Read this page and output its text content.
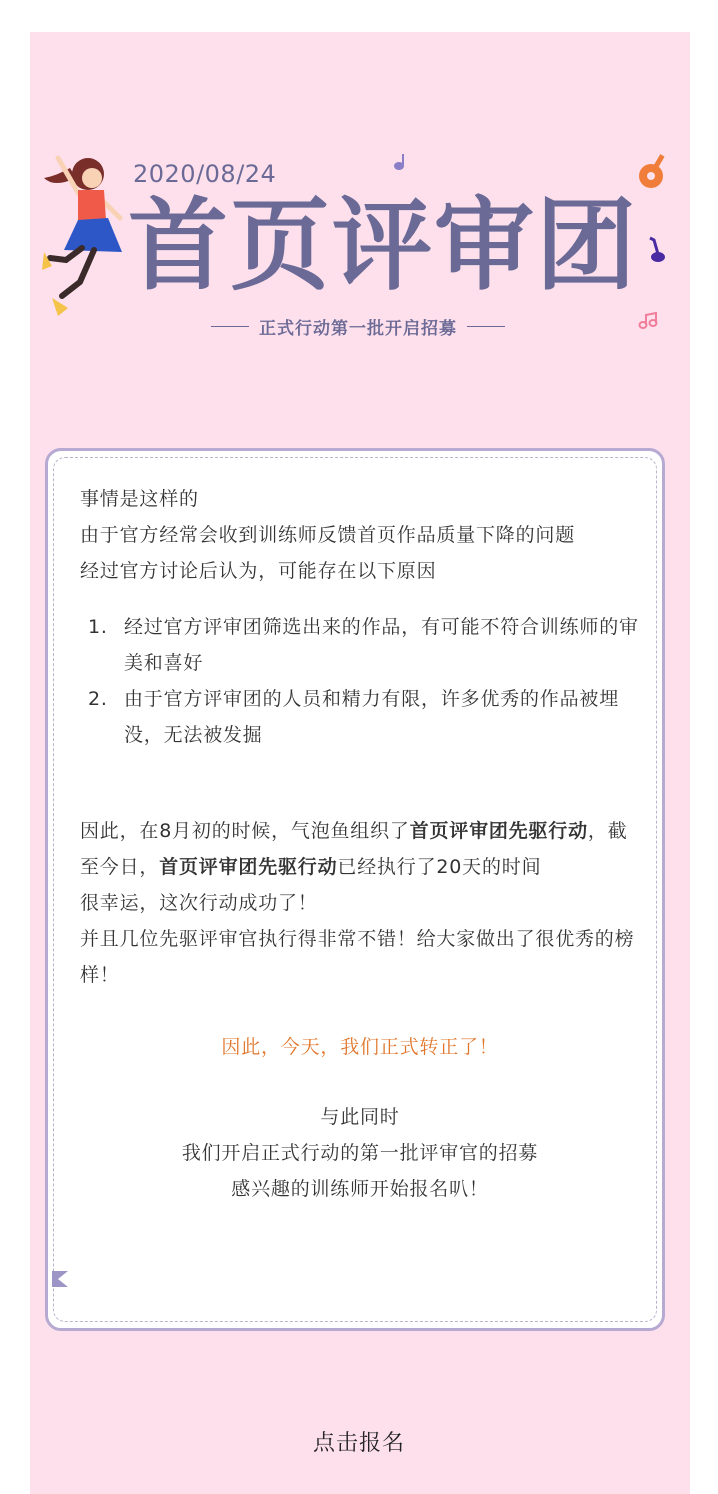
2020/08/24
首页评审团
正式行动第一批开启招募

事情是这样的

由于官方经常会收到训练师反馈首页作品质量下降的问题

经过官方讨论后认为，可能存在以下原因

1. 经过官方评审团筛选出来的作品，有可能不符合训练师的审美和喜好
2. 由于官方评审团的人员和精力有限，许多优秀的作品被埋没，无法被发掘

因此，在8月初的时候，气泡鱼组织了首页评审团先驱行动，截至今日，首页评审团先驱行动已经执行了20天的时间

很幸运，这次行动成功了！

并且几位先驱评审官执行得非常不错！给大家做出了很优秀的榜样！

因此，今天，我们正式转正了！

与此同时

我们开启正式行动的第一批评审官的招募

感兴趣的训练师开始报名叭！

点击报名
